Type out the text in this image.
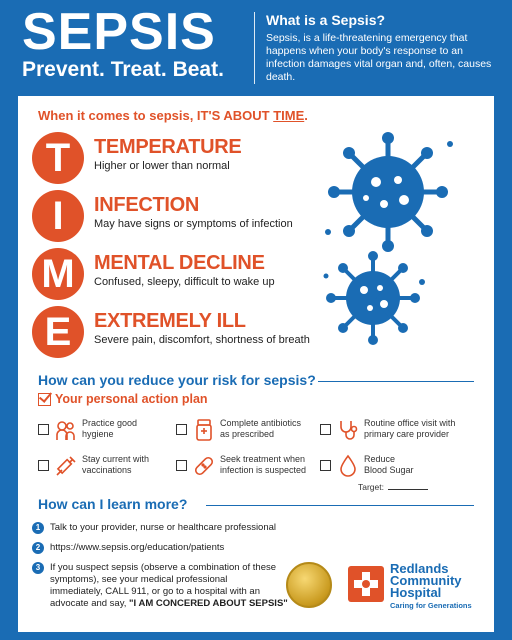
SEPSIS
Prevent. Treat. Beat.
What is a Sepsis?
Sepsis, is a life-threatening emergency that happens when your body's response to an infection damages vital organ and, often, causes death.
When it comes to sepsis, IT'S ABOUT TIME.
T	TEMPERATURE
Higher or lower than normal
I	INFECTION
May have signs or symptoms of infection
M MENTAL DECLINE
Confused, sleepy, difficult to wake up
E	EXTREMELY ILL
Severe pain, discomfort, shortness of breath
How can you reduce your risk for sepsis?
Your personal action plan
Practice good
hygiene
Complete antibiotics
as prescribed
Routine office visit with
primary care provider
Stay current with
vaccinations
Seek treatment when
infection is suspected
Reduce
Blood Sugar
Target:
How can I learn more?
1	Talk to your provider, nurse or healthcare professional
2	https://www.sepsis.org/education/patients
3	If you suspect sepsis (observe a combination of these
symptoms), see your medical professional
immediately, CALL 911, or go to a hospital with an
advocate and say, "I AM CONCERED ABOUT SEPSIS"
Redlands
Community
Hospital
Caring for Generations
